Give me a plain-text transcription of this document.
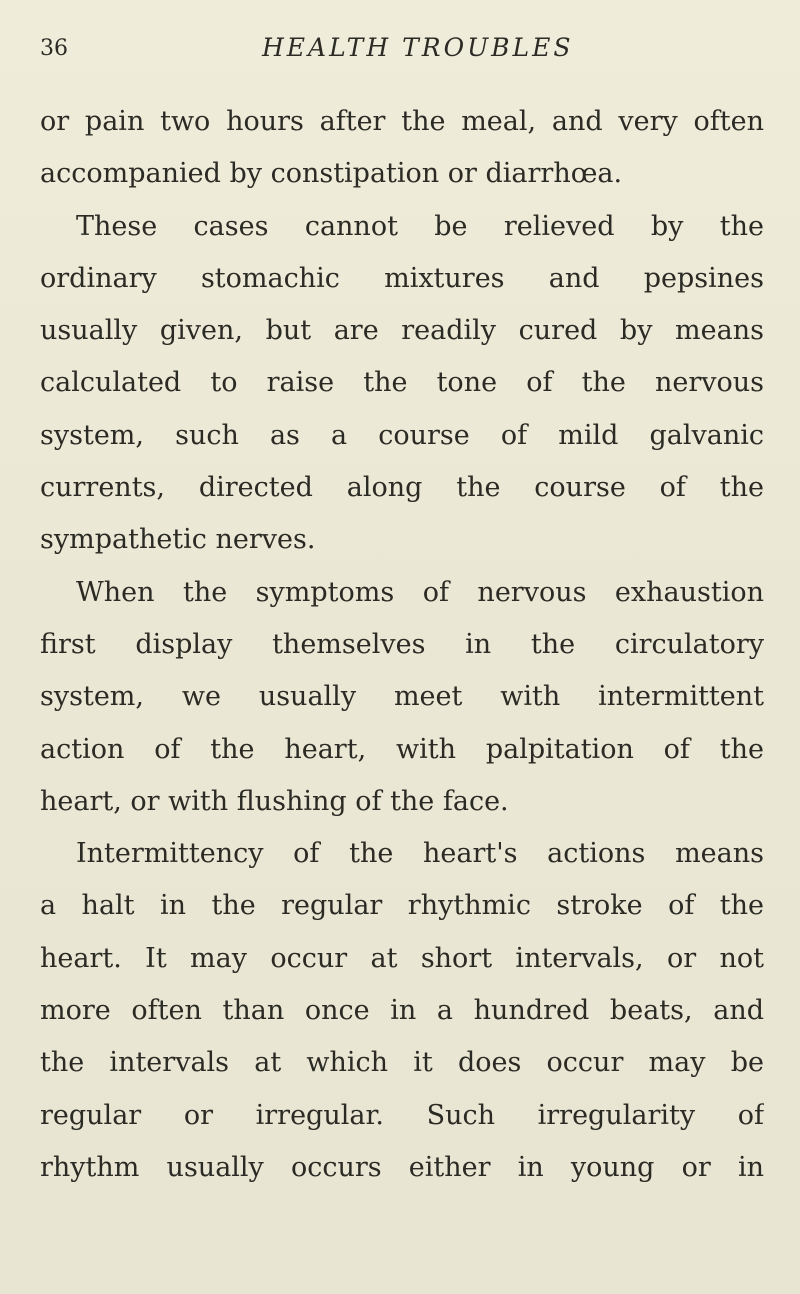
36	HEALTH TROUBLES
or pain two hours after the meal, and very often
accompanied by constipation or diarrhœa.
These cases cannot be relieved by the
ordinary stomachic mixtures and pepsines
usually given, but are readily cured by means
calculated to raise the tone of the nervous
system, such as a course of mild galvanic
currents, directed along the course of the
sympathetic nerves.
When the symptoms of nervous exhaustion
first display themselves in the circulatory
system, we usually meet with intermittent
action of the heart, with palpitation of the
heart, or with flushing of the face.
Intermittency of the heart's actions means
a halt in the regular rhythmic stroke of the
heart. It may occur at short intervals, or not
more often than once in a hundred beats, and
the intervals at which it does occur may be
regular or irregular. Such irregularity of
rhythm usually occurs either in young or in
